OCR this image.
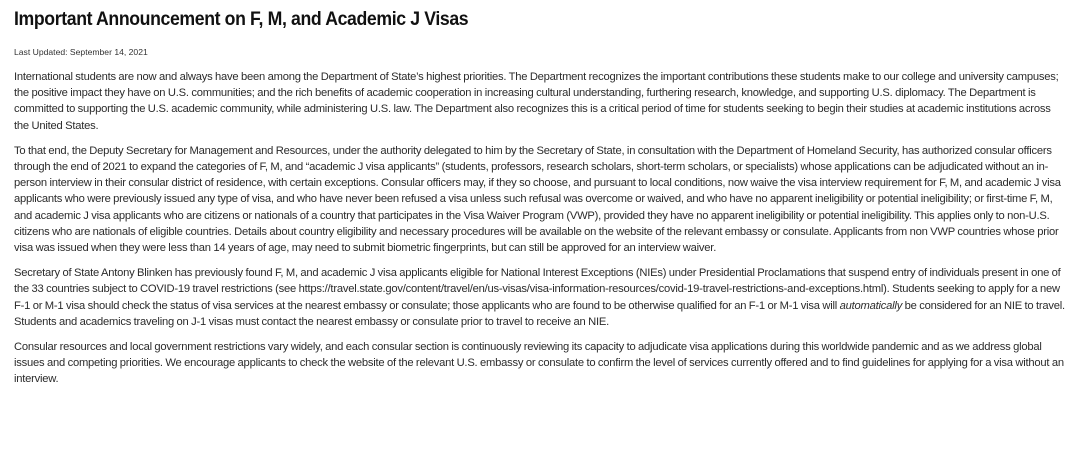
Important Announcement on F, M, and Academic J Visas
Last Updated: September 14, 2021

International students are now and always have been among the Department of State’s highest priorities. The Department recognizes the important contributions these students make to our college and university campuses; the positive impact they have on U.S. communities; and the rich benefits of academic cooperation in increasing cultural understanding, furthering research, knowledge, and supporting U.S. diplomacy. The Department is committed to supporting the U.S. academic community, while administering U.S. law. The Department also recognizes this is a critical period of time for students seeking to begin their studies at academic institutions across the United States.

To that end, the Deputy Secretary for Management and Resources, under the authority delegated to him by the Secretary of State, in consultation with the Department of Homeland Security, has authorized consular officers through the end of 2021 to expand the categories of F, M, and “academic J visa applicants” (students, professors, research scholars, short-term scholars, or specialists) whose applications can be adjudicated without an in-person interview in their consular district of residence, with certain exceptions. Consular officers may, if they so choose, and pursuant to local conditions, now waive the visa interview requirement for F, M, and academic J visa applicants who were previously issued any type of visa, and who have never been refused a visa unless such refusal was overcome or waived, and who have no apparent ineligibility or potential ineligibility; or first-time F, M, and academic J visa applicants who are citizens or nationals of a country that participates in the Visa Waiver Program (VWP), provided they have no apparent ineligibility or potential ineligibility. This applies only to non-U.S. citizens who are nationals of eligible countries. Details about country eligibility and necessary procedures will be available on the website of the relevant embassy or consulate. Applicants from non VWP countries whose prior visa was issued when they were less than 14 years of age, may need to submit biometric fingerprints, but can still be approved for an interview waiver.

Secretary of State Antony Blinken has previously found F, M, and academic J visa applicants eligible for National Interest Exceptions (NIEs) under Presidential Proclamations that suspend entry of individuals present in one of the 33 countries subject to COVID-19 travel restrictions (see https://travel.state.gov/content/travel/en/us-visas/visa-information-resources/covid-19-travel-restrictions-and-exceptions.html). Students seeking to apply for a new F-1 or M-1 visa should check the status of visa services at the nearest embassy or consulate; those applicants who are found to be otherwise qualified for an F-1 or M-1 visa will automatically be considered for an NIE to travel. Students and academics traveling on J-1 visas must contact the nearest embassy or consulate prior to travel to receive an NIE.

Consular resources and local government restrictions vary widely, and each consular section is continuously reviewing its capacity to adjudicate visa applications during this worldwide pandemic and as we address global issues and competing priorities. We encourage applicants to check the website of the relevant U.S. embassy or consulate to confirm the level of services currently offered and to find guidelines for applying for a visa without an interview.
